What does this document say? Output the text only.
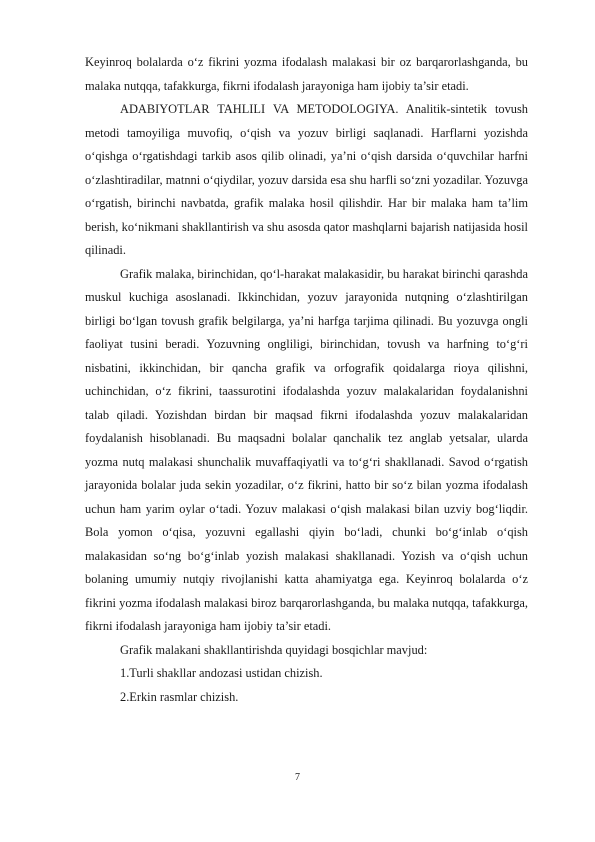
Keyinroq bolalarda o‘z fikrini yozma ifodalash malakasi bir oz barqarorlashganda, bu malaka nutqqa, tafakkurga, fikrni ifodalash jarayoniga ham ijobiy ta’sir etadi.

ADABIYOTLAR TAHLILI VA METODOLOGIYA. Analitik-sintetik tovush metodi tamoyiliga muvofiq, o‘qish va yozuv birligi saqlanadi. Harflarni yozishda o‘qishga o‘rgatishdagi tarkib asos qilib olinadi, ya’ni o‘qish darsida o‘quvchilar harfni o‘zlashtiradilar, matnni o‘qiydilar, yozuv darsida esa shu harfli so‘zni yozadilar. Yozuvga o‘rgatish, birinchi navbatda, grafik malaka hosil qilishdir. Har bir malaka ham ta’lim berish, ko‘nikmani shakllantirish va shu asosda qator mashqlarni bajarish natijasida hosil qilinadi.

Grafik malaka, birinchidan, qo‘l-harakat malakasidir, bu harakat birinchi qarashda muskul kuchiga asoslanadi. Ikkinchidan, yozuv jarayonida nutqning o‘zlashtirilgan birligi bo‘lgan tovush grafik belgilarga, ya’ni harfga tarjima qilinadi. Bu yozuvga ongli faoliyat tusini beradi. Yozuvning ongliligi, birinchidan, tovush va harfning to‘g‘ri nisbatini, ikkinchidan, bir qancha grafik va orfografik qoidalarga rioya qilishni, uchinchidan, o‘z fikrini, taassurotini ifodalashda yozuv malakalaridan foydalanishni talab qiladi. Yozishdan birdan bir maqsad fikrni ifodalashda yozuv malakalaridan foydalanish hisoblanadi. Bu maqsadni bolalar qanchalik tez anglab yetsalar, ularda yozma nutq malakasi shunchalik muvaffaqiyatli va to‘g‘ri shakllanadi. Savod o‘rgatish jarayonida bolalar juda sekin yozadilar, o‘z fikrini, hatto bir so‘z bilan yozma ifodalash uchun ham yarim oylar o‘tadi. Yozuv malakasi o‘qish malakasi bilan uzviy bog‘liqdir. Bola yomon o‘qisa, yozuvni egallashi qiyin bo‘ladi, chunki bo‘g‘inlab o‘qish malakasidan so‘ng bo‘g‘inlab yozish malakasi shakllanadi. Yozish va o‘qish uchun bolaning umumiy nutqiy rivojlanishi katta ahamiyatga ega. Keyinroq bolalarda o‘z fikrini yozma ifodalash malakasi biroz barqarorlashganda, bu malaka nutqqa, tafakkurga, fikrni ifodalash jarayoniga ham ijobiy ta’sir etadi.

Grafik malakani shakllantirishda quyidagi bosqichlar mavjud:

1.Turli shakllar andozasi ustidan chizish.

2.Erkin rasmlar chizish.

7
